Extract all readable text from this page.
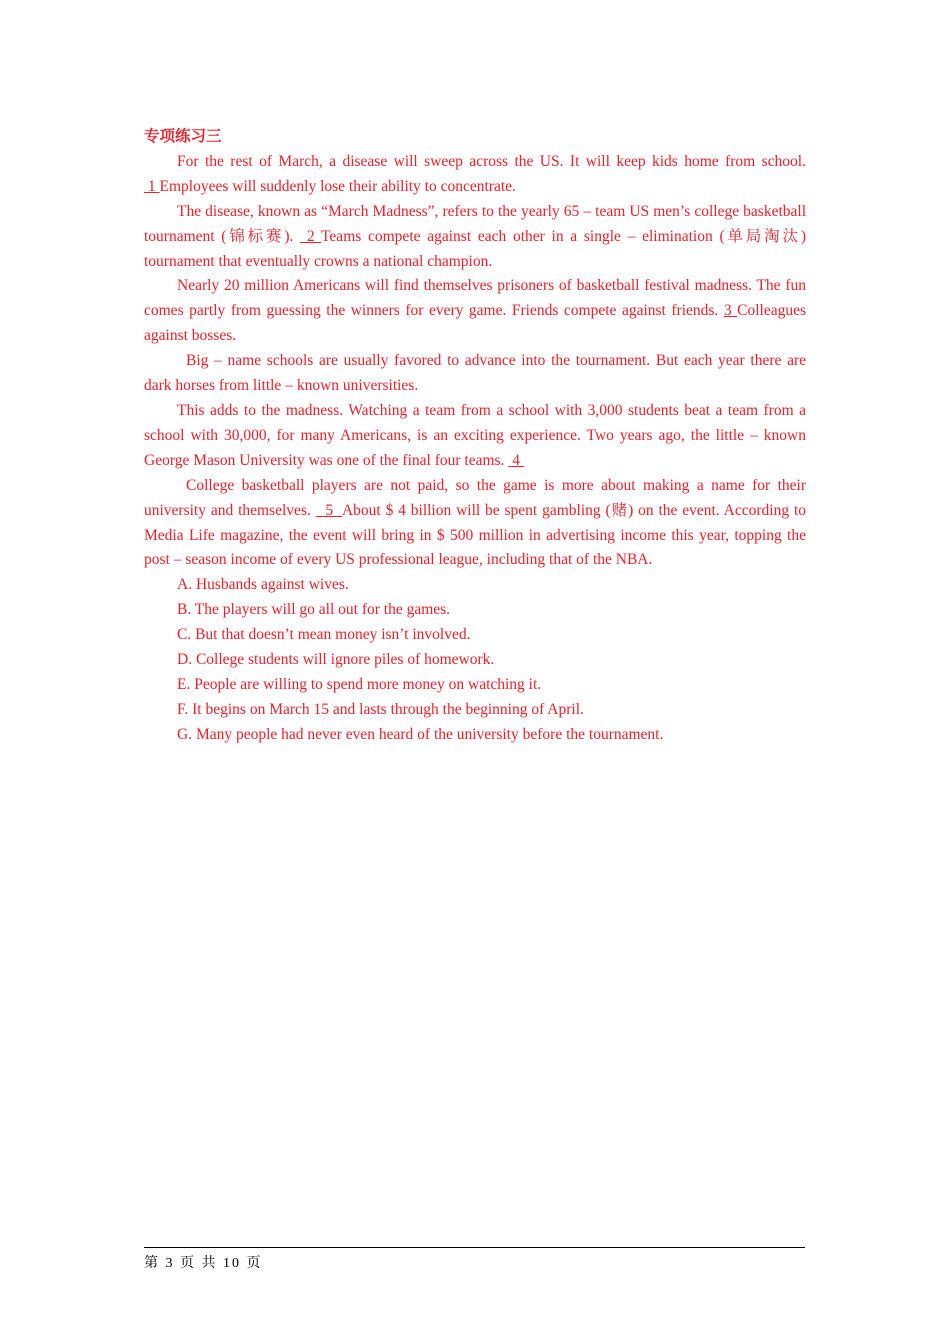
专项练习三

For the rest of March, a disease will sweep across the US. It will keep kids home from school.  1 Employees will suddenly lose their ability to concentrate.

The disease, known as “March Madness”, refers to the yearly 65 – team US men’s college basketball tournament (锦标赛).  2 Teams compete against each other in a single – elimination (单局淘汰) tournament that eventually crowns a national champion.

Nearly 20 million Americans will find themselves prisoners of basketball festival madness. The fun comes partly from guessing the winners for every game. Friends compete against friends. 3 Colleagues against bosses.

Big – name schools are usually favored to advance into the tournament. But each year there are dark horses from little – known universities.

This adds to the madness. Watching a team from a school with 3,000 students beat a team from a school with 30,000, for many Americans, is an exciting experience. Two years ago, the little – known George Mason University was one of the final four teams.  4

College basketball players are not paid, so the game is more about making a name for their university and themselves.   5  About $ 4 billion will be spent gambling (赌) on the event. According to Media Life magazine, the event will bring in $ 500 million in advertising income this year, topping the post – season income of every US professional league, including that of the NBA.

A. Husbands against wives.

B. The players will go all out for the games.

C. But that doesn’t mean money isn’t involved.

D. College students will ignore piles of homework.

E. People are willing to spend more money on watching it.

F. It begins on March 15 and lasts through the beginning of April.

G. Many people had never even heard of the university before the tournament.

第 3 页 共 10 页
